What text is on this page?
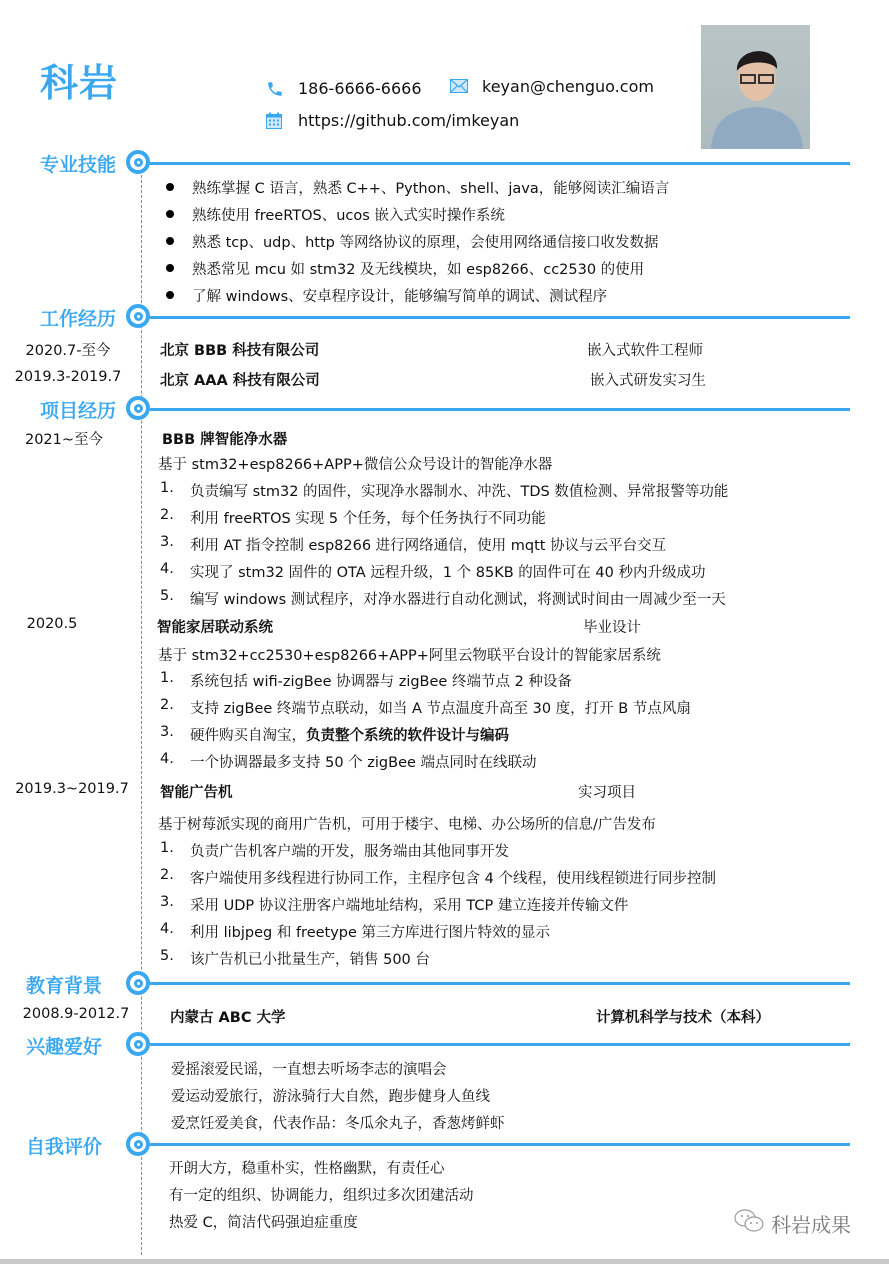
科岩	186-6666-6666	keyan@chenguo.com
https://github.com/imkeyan
专业技能
熟练掌握 C 语言，熟悉 C++、Python、shell、java，能够阅读汇编语言
熟练使用 freeRTOS、ucos 嵌入式实时操作系统
熟悉 tcp、udp、http 等网络协议的原理，会使用网络通信接口收发数据
熟悉常见 mcu 如 stm32 及无线模块，如 esp8266、cc2530 的使用
了解 windows、安卓程序设计，能够编写简单的调试、测试程序
工作经历
2020.7-至今	北京 BBB 科技有限公司	嵌入式软件工程师
2019.3-2019.7	北京 AAA 科技有限公司	嵌入式研发实习生
项目经历
2021~至今	BBB 牌智能净水器
基于 stm32+esp8266+APP+微信公众号设计的智能净水器
1. 负责编写 stm32 的固件，实现净水器制水、冲洗、TDS 数值检测、异常报警等功能
2. 利用 freeRTOS 实现 5 个任务，每个任务执行不同功能
3. 利用 AT 指令控制 esp8266 进行网络通信，使用 mqtt 协议与云平台交互
4. 实现了 stm32 固件的 OTA 远程升级，1 个 85KB 的固件可在 40 秒内升级成功
5. 编写 windows 测试程序，对净水器进行自动化测试，将测试时间由一周减少至一天
2020.5	智能家居联动系统	毕业设计
基于 stm32+cc2530+esp8266+APP+阿里云物联平台设计的智能家居系统
1. 系统包括 wifi-zigBee 协调器与 zigBee 终端节点 2 种设备
2. 支持 zigBee 终端节点联动，如当 A 节点温度升高至 30 度，打开 B 节点风扇
3. 硬件购买自淘宝，负责整个系统的软件设计与编码
4. 一个协调器最多支持 50 个 zigBee 端点同时在线联动
2019.3~2019.7	智能广告机	实习项目
基于树莓派实现的商用广告机，可用于楼宇、电梯、办公场所的信息/广告发布
1. 负责广告机客户端的开发，服务端由其他同事开发
2. 客户端使用多线程进行协同工作，主程序包含 4 个线程，使用线程锁进行同步控制
3. 采用 UDP 协议注册客户端地址结构，采用 TCP 建立连接并传输文件
4. 利用 libjpeg 和 freetype 第三方库进行图片特效的显示
5. 该广告机已小批量生产，销售 500 台
教育背景
2008.9-2012.7	内蒙古 ABC 大学	计算机科学与技术（本科）
兴趣爱好
爱摇滚爱民谣，一直想去听场李志的演唱会
爱运动爱旅行，游泳骑行大自然，跑步健身人鱼线
爱烹饪爱美食，代表作品：冬瓜氽丸子，香葱烤鲜虾
自我评价
开朗大方，稳重朴实，性格幽默，有责任心
有一定的组织、协调能力，组织过多次团建活动
热爱 C，简洁代码强迫症重度	科岩成果
